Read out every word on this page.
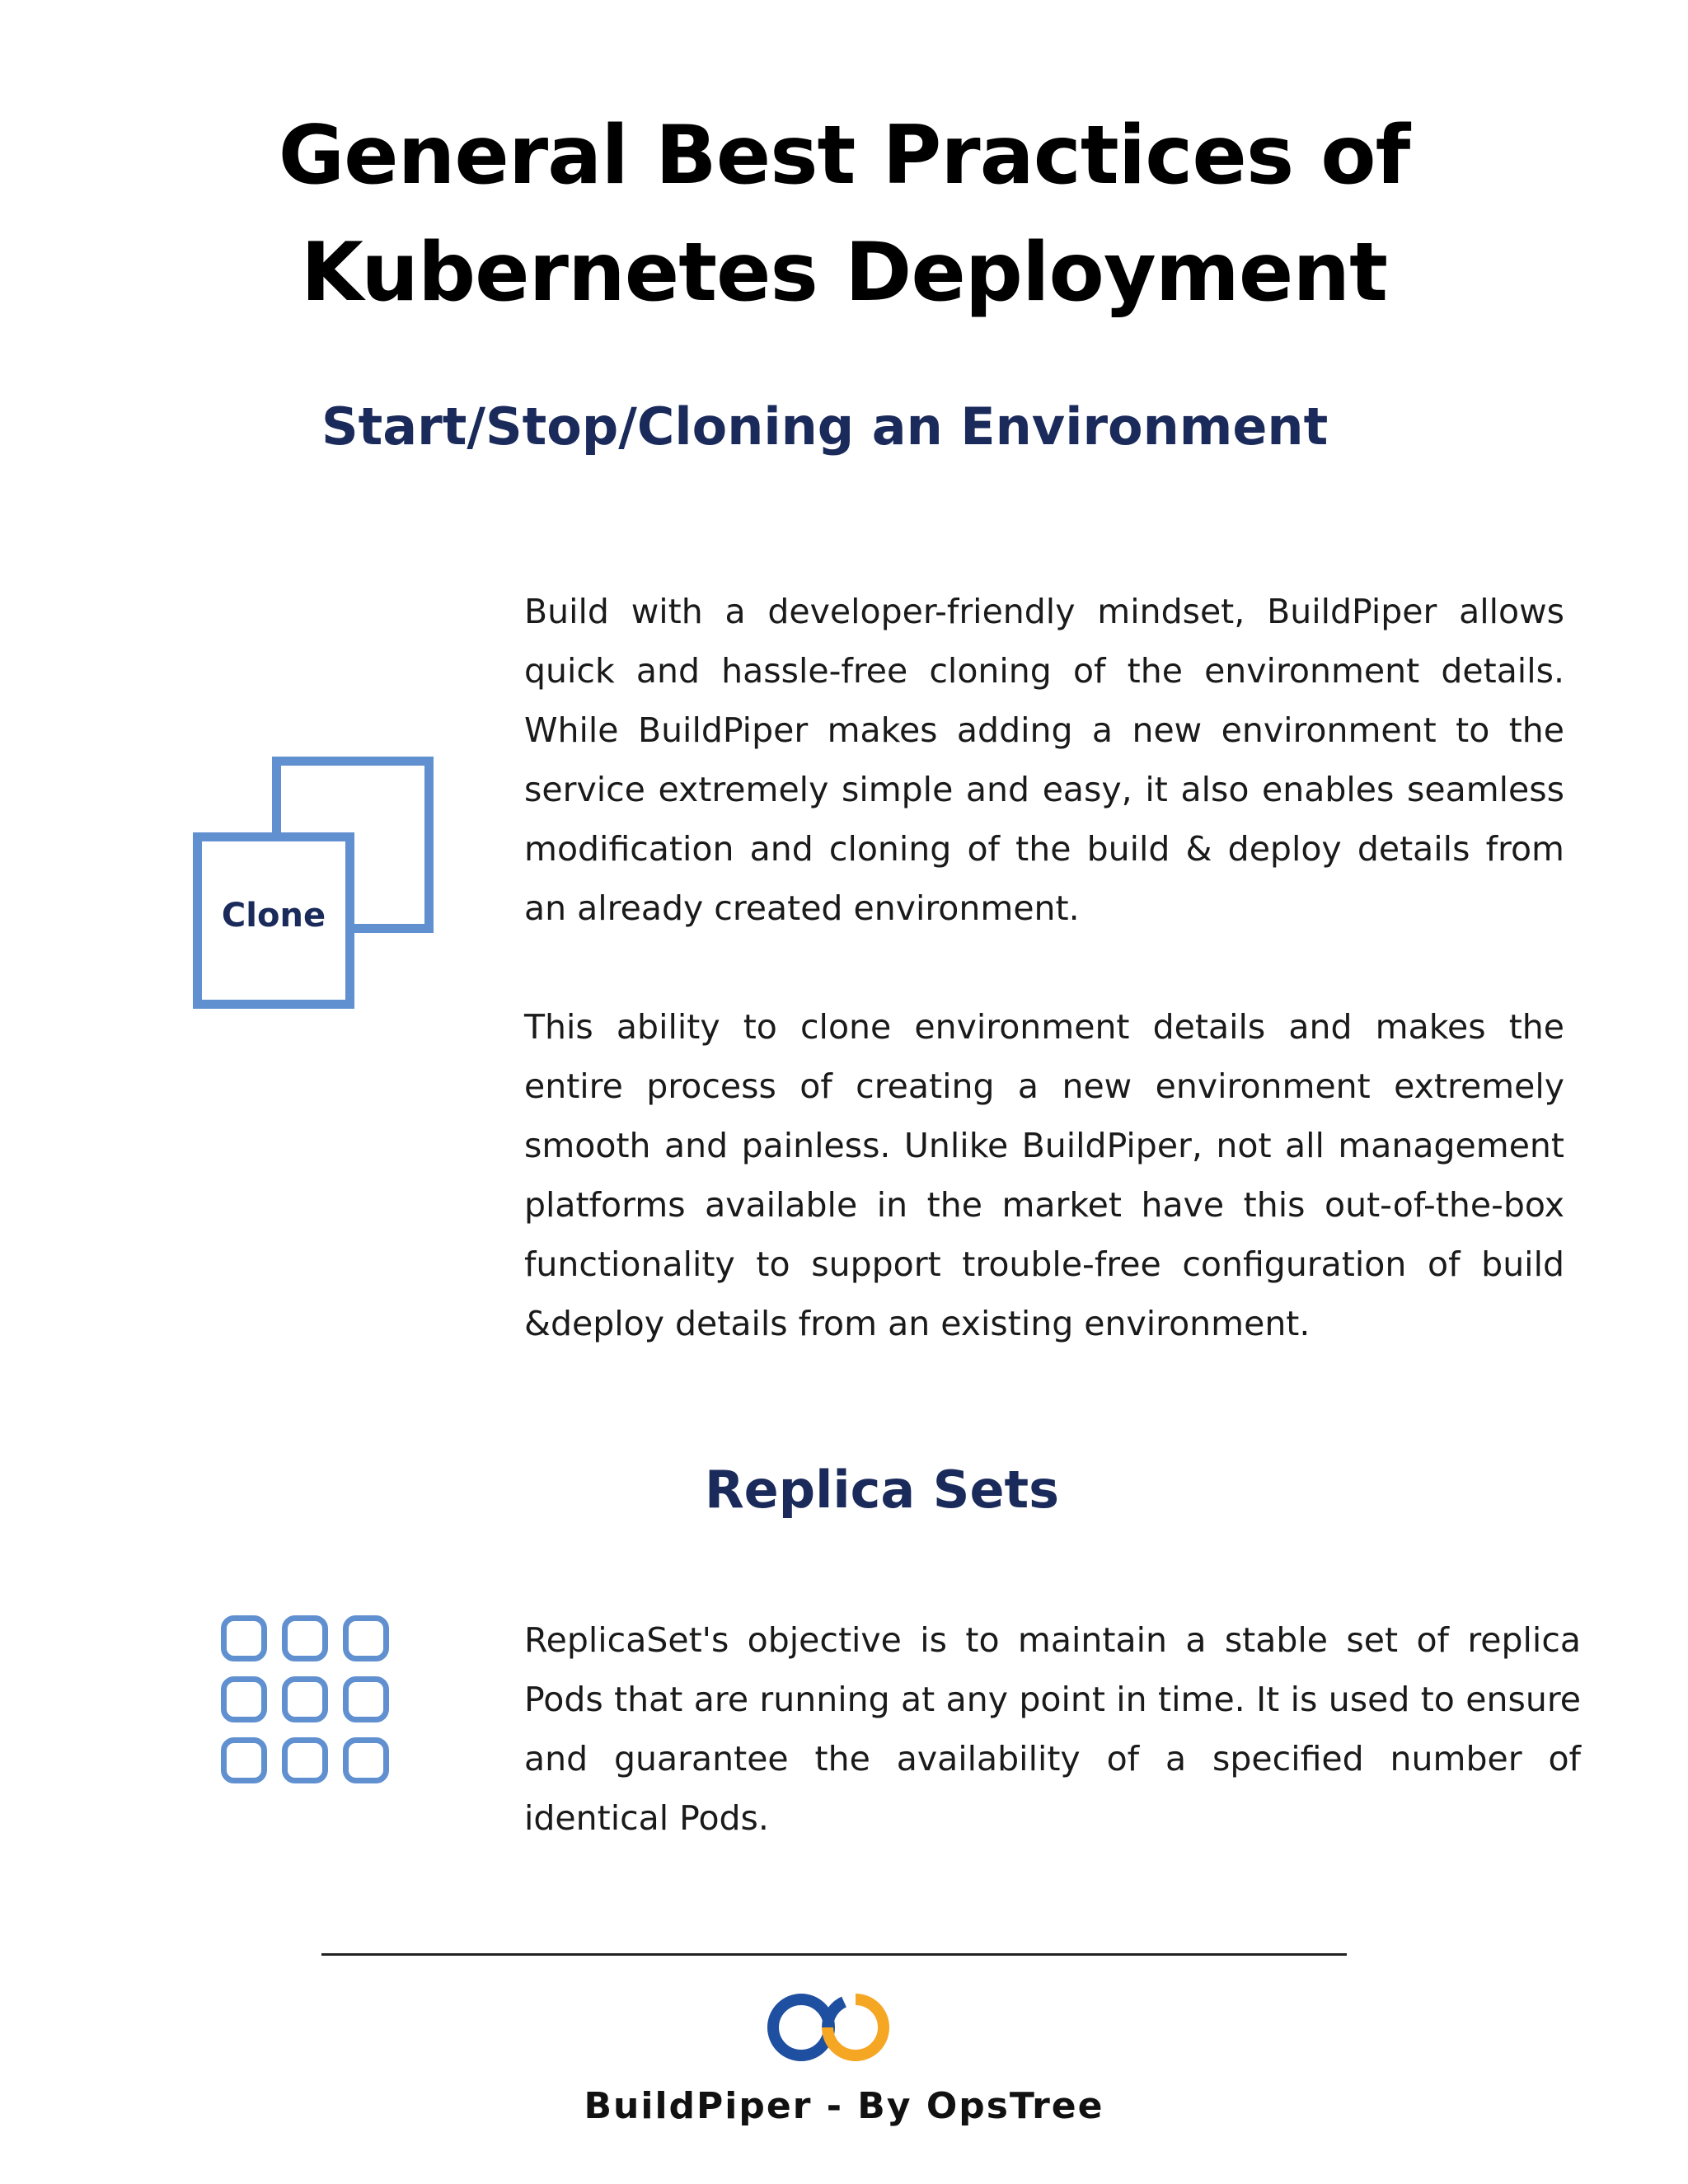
General Best Practices of
Kubernetes Deployment
Start/Stop/Cloning an Environment
Clone

Build with a developer-friendly mindset, BuildPiper allows quick and hassle-free cloning of the environment details. While BuildPiper makes adding a new environment to the service extremely simple and easy, it also enables seamless modification and cloning of the build & deploy details from an already created environment.

This ability to clone environment details and makes the entire process of creating a new environment extremely smooth and painless. Unlike BuildPiper, not all management platforms available in the market have this out-of-the-box functionality to support trouble-free configuration of build &deploy details from an existing environment.

Replica Sets

ReplicaSet's objective is to maintain a stable set of replica Pods that are running at any point in time. It is used to ensure and guarantee the availability of a specified number of identical Pods.

BuildPiper - By OpsTree
